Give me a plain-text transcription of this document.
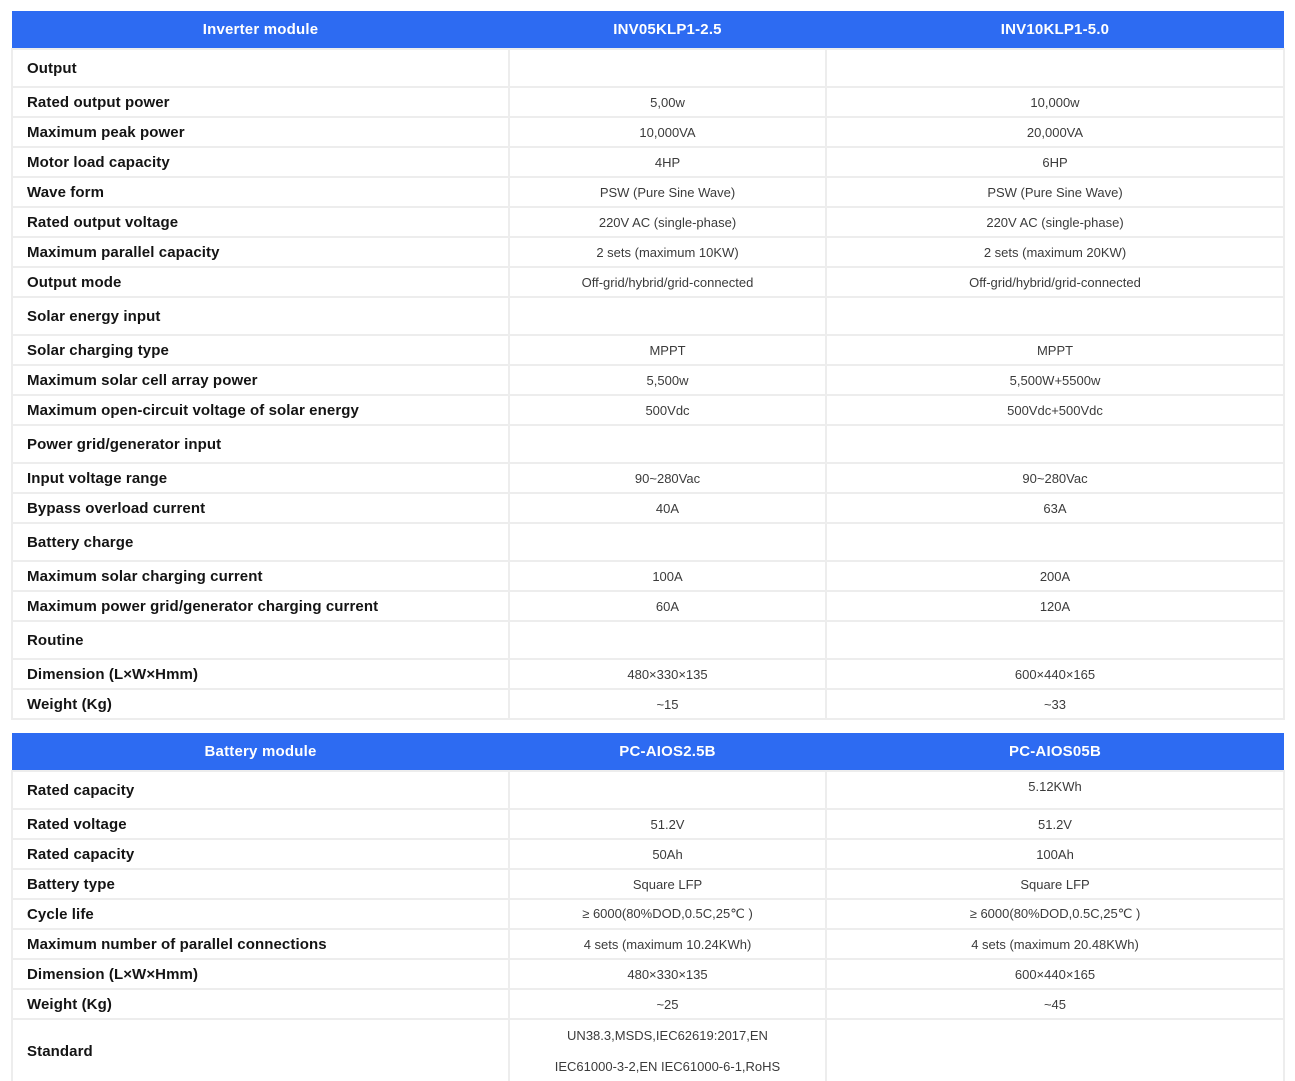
Inverter module	INV05KLP1-2.5	INV10KLP1-5.0
Output		
Rated output power	5,00w	10,000w
Maximum peak power	10,000VA	20,000VA
Motor load capacity	4HP	6HP
Wave form	PSW (Pure Sine Wave)	PSW (Pure Sine Wave)
Rated output voltage	220V AC (single-phase)	220V AC (single-phase)
Maximum parallel capacity	2 sets (maximum 10KW)	2 sets (maximum 20KW)
Output mode	Off-grid/hybrid/grid-connected	Off-grid/hybrid/grid-connected
Solar energy input		
Solar charging type	MPPT	MPPT
Maximum solar cell array power	5,500w	5,500W+5500w
Maximum open-circuit voltage of solar energy	500Vdc	500Vdc+500Vdc
Power grid/generator input		
Input voltage range	90~280Vac	90~280Vac
Bypass overload current	40A	63A
Battery charge		
Maximum solar charging current	100A	200A
Maximum power grid/generator charging current	60A	120A
Routine		
Dimension (L×W×Hmm)	480×330×135	600×440×165
Weight (Kg)	~15	~33
Battery module	PC-AIOS2.5B	PC-AIOS05B
Rated capacity		5.12KWh
Rated voltage	51.2V	51.2V
Rated capacity	50Ah	100Ah
Battery type	Square LFP	Square LFP
Cycle life	≥ 6000(80%DOD,0.5C,25℃ )	≥ 6000(80%DOD,0.5C,25℃ )
Maximum number of parallel connections	4 sets (maximum 10.24KWh)	4 sets (maximum 20.48KWh)
Dimension (L×W×Hmm)	480×330×135	600×440×165
Weight (Kg)	~25	~45
Standard	UN38.3,MSDS,IEC62619:2017,EN IEC61000-3-2,EN IEC61000-6-1,RoHS	
